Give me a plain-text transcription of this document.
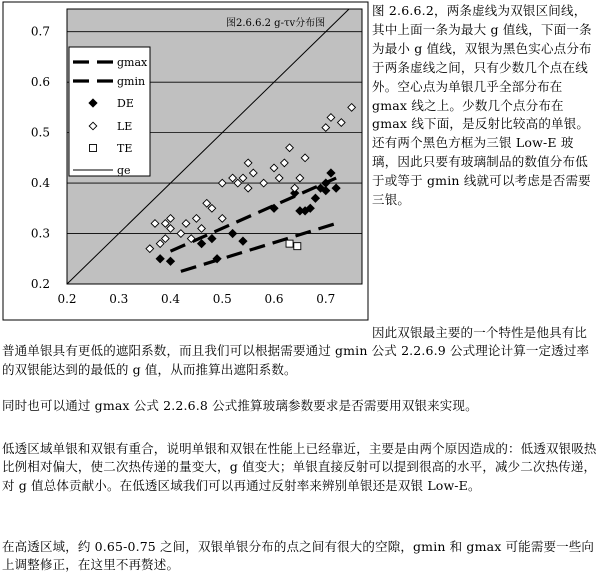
0.2
0.3
0.4
0.5
0.6
0.7
0.2	0.3	0.4	0.5	0.6	0.7
图2.6.6.2 g-τv分布图
gmax
gmin
DE
LE
TE
ge
图 2.6.6.2，两条虚线为双银区间线，其中上面一条为最大 g 值线，下面一条为最小 g 值线，双银为黑色实心点分布于两条虚线之间，只有少数几个点在线外。空心点为单银几乎全部分布在 gmax 线之上。少数几个点分布在 gmax 线下面，是反射比较高的单银。还有两个黑色方框为三银 Low-E 玻璃，因此只要有玻璃制品的数值分布低于或等于 gmin 线就可以考虑是否需要三银。

因此双银最主要的一个特性是他具有比普通单银具有更低的遮阳系数，而且我们可以根据需要通过 gmin 公式 2.2.6.9 公式理论计算一定透过率的双银能达到的最低的 g 值，从而推算出遮阳系数。

同时也可以通过 gmax 公式 2.2.6.8 公式推算玻璃参数要求是否需要用双银来实现。

低透区域单银和双银有重合，说明单银和双银在性能上已经靠近，主要是由两个原因造成的：低透双银吸热比例相对偏大，使二次热传递的量变大，g 值变大；单银直接反射可以提到很高的水平，减少二次热传递，对 g 值总体贡献小。在低透区域我们可以再通过反射率来辨别单银还是双银 Low-E。

在高透区域，约 0.65-0.75 之间，双银单银分布的点之间有很大的空隙，gmin 和 gmax 可能需要一些向上调整修正，在这里不再赘述。
